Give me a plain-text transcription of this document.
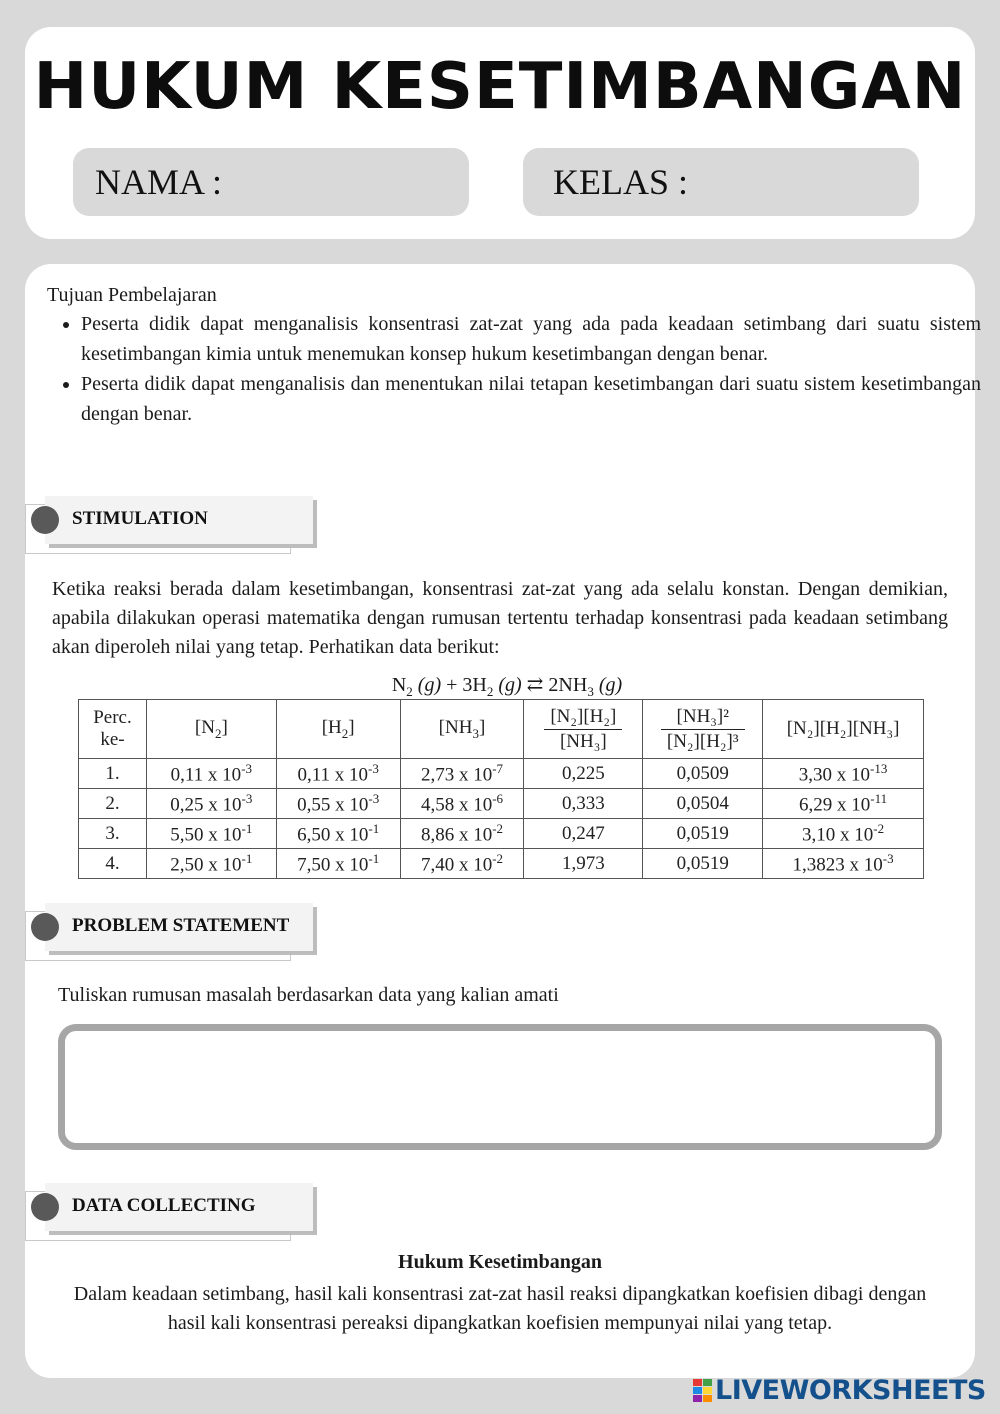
HUKUM KESETIMBANGAN
NAMA :	KELAS :
Tujuan Pembelajaran
• Peserta didik dapat menganalisis konsentrasi zat-zat yang ada pada keadaan setimbang dari suatu sistem kesetimbangan kimia untuk menemukan konsep hukum kesetimbangan dengan benar.
• Peserta didik dapat menganalisis dan menentukan nilai tetapan kesetimbangan dari suatu sistem kesetimbangan dengan benar.
STIMULATION

Ketika reaksi berada dalam kesetimbangan, konsentrasi zat-zat yang ada selalu konstan. Dengan demikian, apabila dilakukan operasi matematika dengan rumusan tertentu terhadap konsentrasi pada keadaan setimbang akan diperoleh nilai yang tetap. Perhatikan data berikut:

$N_2$ $(g) + 3H_2$ (g) ⇄ $2NH_3$ (g)
Perc. ke-	$[N_2]$	$[H_2]$	$[NH_3]$	$\frac{\text{[N₂][H₂]}}{\text{[NH₃]}}$	$\frac{\text{[NH₃]²}}{\text{[N₂][H₂]³}}$	[N₂][H₂][NH₃]
1.	0,11 x $10^{-3}$	0,11 x $10^{-3}$	2,73 x $10^{-7}$	0,225	0,0509	3,30 x $10^{-13}$
2.	0,25 x $10^{-3}$	0,55 x $10^{-3}$	4,58 x $10^{-6}$	0,333	0,0504	6,29 x $10^{-11}$
3.	5,50 x $10^{-1}$	6,50 x $10^{-1}$	8,86 x $10^{-2}$	0,247	0,0519	3,10 x $10^{-2}$
4.	2,50 x $10^{-1}$	7,50 x $10^{-1}$	7,40 x $10^{-2}$	1,973	0,0519	1,3823 x $10^{-3}$
PROBLEM STATEMENT
Tuliskan rumusan masalah berdasarkan data yang kalian amati
DATA COLLECTING
Hukum Kesetimbangan

Dalam keadaan setimbang, hasil kali konsentrasi zat-zat hasil reaksi dipangkatkan koefisien dibagi dengan hasil kali konsentrasi pereaksi dipangkatkan koefisien mempunyai nilai yang tetap.

LIVEWORKSHEETS
